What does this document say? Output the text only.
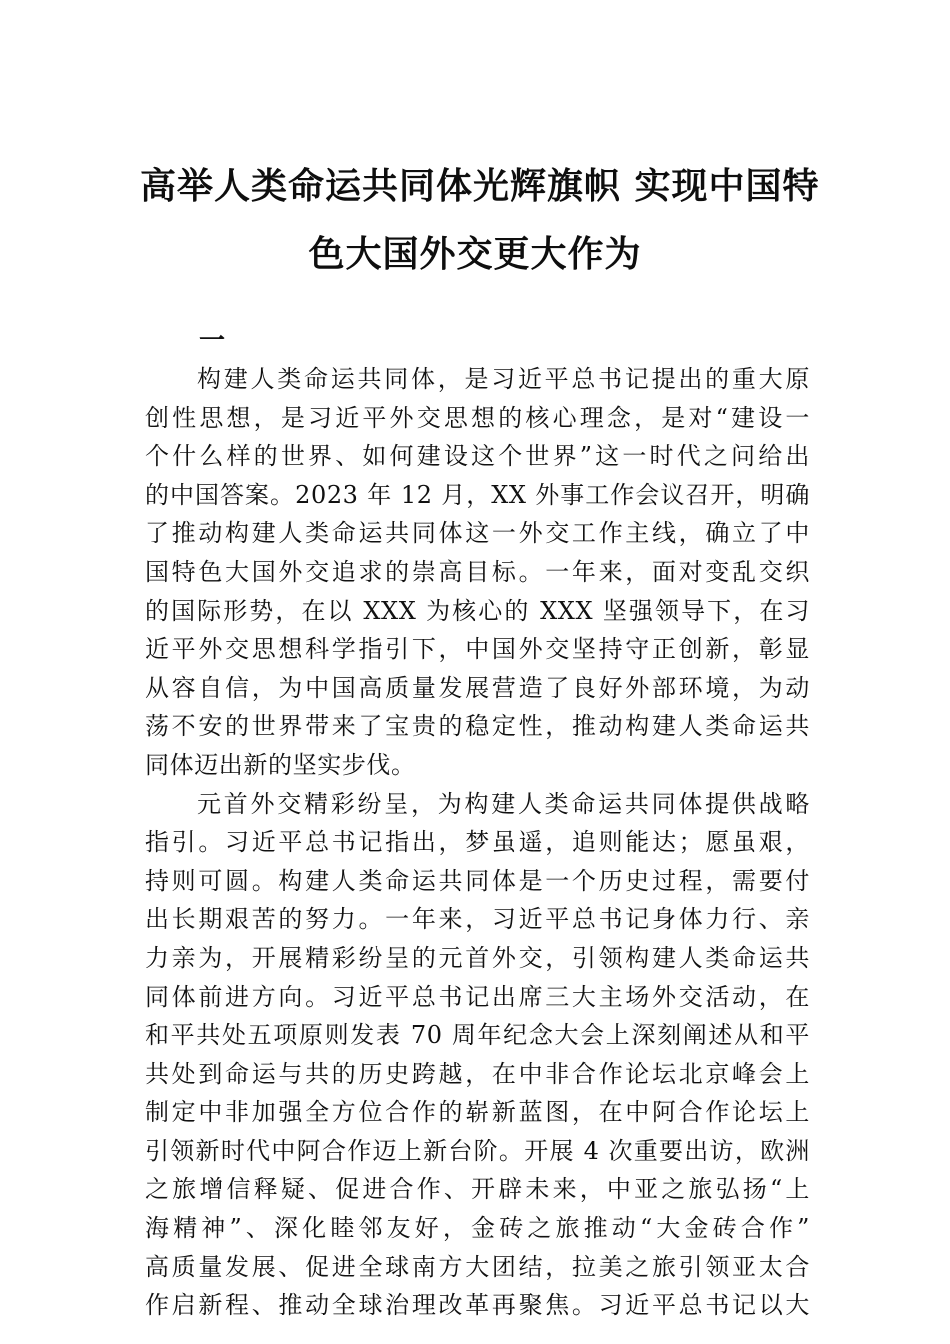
高举人类命运共同体光辉旗帜 实现中国特
色大国外交更大作为
一
构建人类命运共同体，是习近平总书记提出的重大原
创性思想，是习近平外交思想的核心理念，是对“建设一
个什么样的世界、如何建设这个世界”这一时代之问给出
的中国答案。2023 年 12 月，XX 外事工作会议召开，明确
了推动构建人类命运共同体这一外交工作主线，确立了中
国特色大国外交追求的崇高目标。一年来，面对变乱交织
的国际形势，在以 XXX 为核心的 XXX 坚强领导下，在习
近平外交思想科学指引下，中国外交坚持守正创新，彰显
从容自信，为中国高质量发展营造了良好外部环境，为动
荡不安的世界带来了宝贵的稳定性，推动构建人类命运共
同体迈出新的坚实步伐。
元首外交精彩纷呈，为构建人类命运共同体提供战略
指引。习近平总书记指出，梦虽遥，追则能达；愿虽艰，
持则可圆。构建人类命运共同体是一个历史过程，需要付
出长期艰苦的努力。一年来，习近平总书记身体力行、亲
力亲为，开展精彩纷呈的元首外交，引领构建人类命运共
同体前进方向。习近平总书记出席三大主场外交活动，在
和平共处五项原则发表 70 周年纪念大会上深刻阐述从和平
共处到命运与共的历史跨越，在中非合作论坛北京峰会上
制定中非加强全方位合作的崭新蓝图，在中阿合作论坛上
引领新时代中阿合作迈上新台阶。开展 4 次重要出访，欧洲
之旅增信释疑、促进合作、开辟未来，中亚之旅弘扬“上
海精神”、深化睦邻友好，金砖之旅推动“大金砖合作”
高质量发展、促进全球南方大团结，拉美之旅引领亚太合
作启新程、推动全球治理改革再聚焦。习近平总书记以大
